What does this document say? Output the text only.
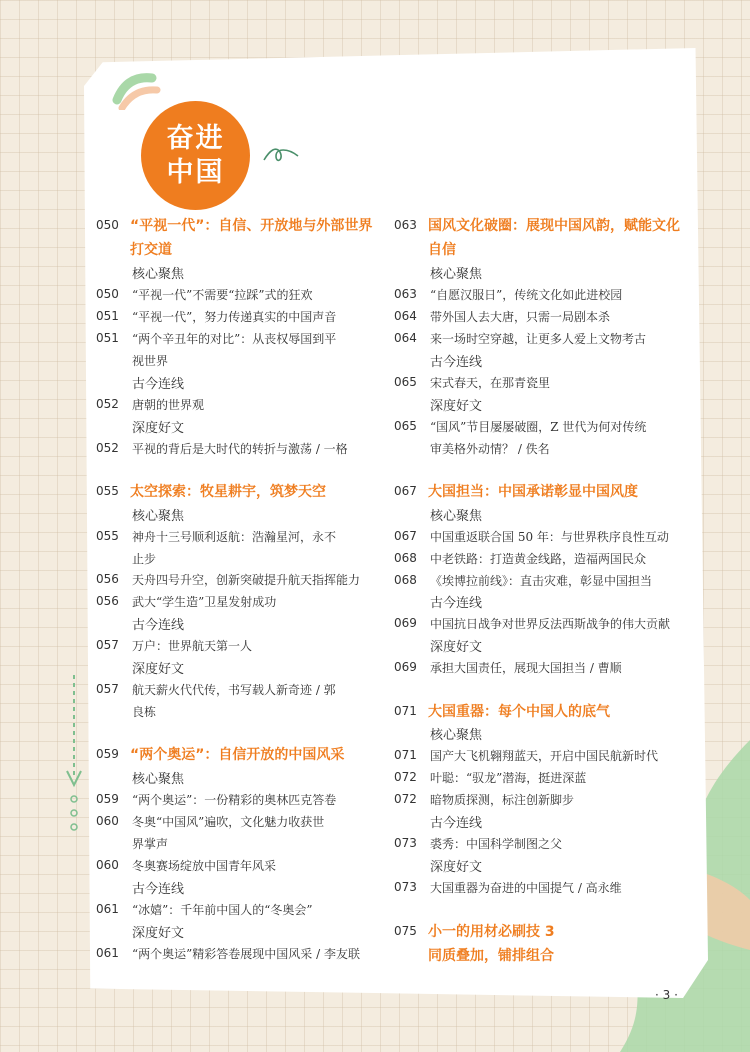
奋进
中国
050 “平视一代”：自信、开放地与外部世界
打交道
核心聚焦
050	“平视一代”不需要“拉踩”式的狂欢
051	“平视一代”，努力传递真实的中国声音
051	“两个辛丑年的对比”：从丧权辱国到平
视世界
古今连线
052	唐朝的世界观
深度好文
052	平视的背后是大时代的转折与激荡 / 一格
055 太空探索：牧星耕宇，筑梦天空
核心聚焦
055	神舟十三号顺利返航：浩瀚星河，永不
止步
056	天舟四号升空，创新突破提升航天指挥能力
056	武大“学生造”卫星发射成功
古今连线
057	万户：世界航天第一人
深度好文
057	航天薪火代代传，书写载人新奇迹 / 郭
良栋
059 “两个奥运”：自信开放的中国风采
核心聚焦
059	“两个奥运”：一份精彩的奥林匹克答卷
060	冬奥“中国风”遍吹，文化魅力收获世
界掌声
060	冬奥赛场绽放中国青年风采
古今连线
061	“冰嬉”：千年前中国人的“冬奥会”
深度好文
061	“两个奥运”精彩答卷展现中国风采 / 李友联
063 国风文化破圈：展现中国风韵，赋能文化
自信
核心聚焦
063	“自愿汉服日”，传统文化如此进校园
064	带外国人去大唐，只需一局剧本杀
064	来一场时空穿越，让更多人爱上文物考古
古今连线
065	宋式春天，在那青瓷里
深度好文
065	“国风”节目屡屡破圈，Z 世代为何对传统
审美格外动情？ / 佚名
067 大国担当：中国承诺彰显中国风度
核心聚焦
067	中国重返联合国 50 年：与世界秩序良性互动
068	中老铁路：打造黄金线路，造福两国民众
068	《埃博拉前线》：直击灾难，彰显中国担当
古今连线
069	中国抗日战争对世界反法西斯战争的伟大贡献
深度好文
069	承担大国责任，展现大国担当 / 曹顺
071 大国重器：每个中国人的底气
核心聚焦
071	国产大飞机翱翔蓝天，开启中国民航新时代
072	叶聪：“驭龙”潜海，挺进深蓝
072	暗物质探测，标注创新脚步
古今连线
073	裘秀：中国科学制图之父
深度好文
073	大国重器为奋进的中国提气 / 高永维
075 小一的用材必刷技 3
同质叠加，铺排组合
· 3 ·
